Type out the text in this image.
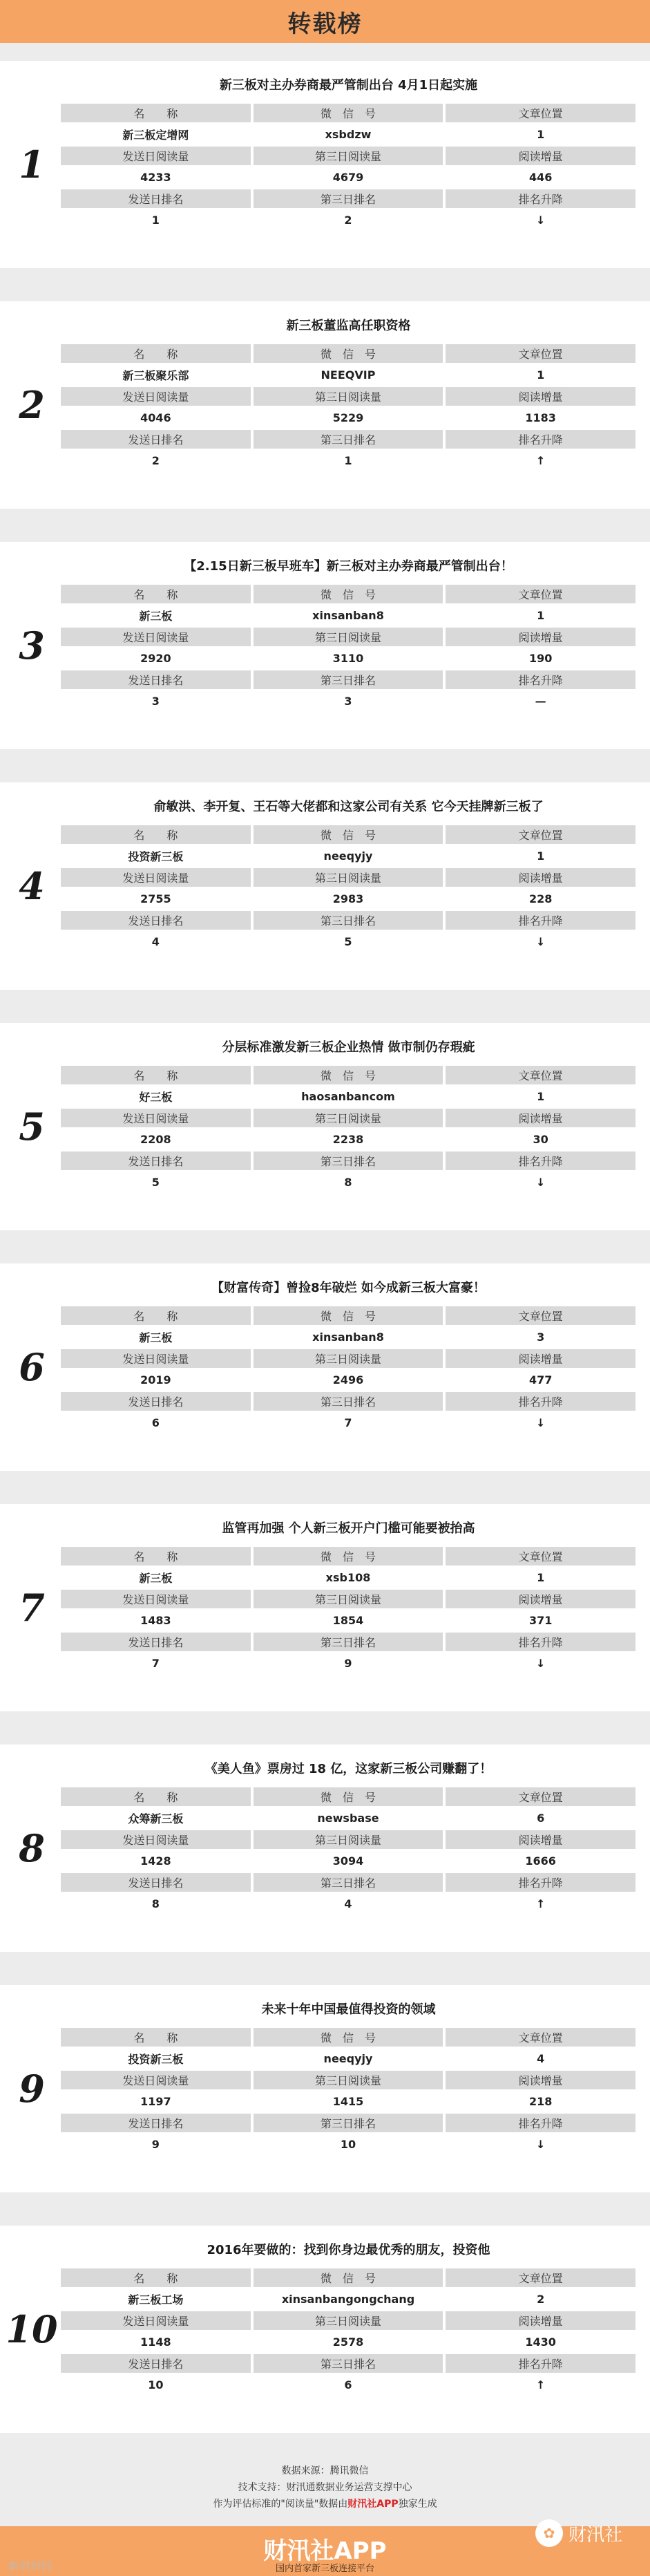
转载榜
1
新三板对主办券商最严管制出台 4月1日起实施
名　　称	微　信　号	文章位置
新三板定增网	xsbdzw	1
发送日阅读量	第三日阅读量	阅读增量
4233	4679	446
发送日排名	第三日排名	排名升降
1	2	↓
2
新三板董监高任职资格
名　　称	微　信　号	文章位置
新三板聚乐部	NEEQVIP	1
发送日阅读量	第三日阅读量	阅读增量
4046	5229	1183
发送日排名	第三日排名	排名升降
2	1	↑
3
【2.15日新三板早班车】新三板对主办券商最严管制出台！
名　　称	微　信　号	文章位置
新三板	xinsanban8	1
发送日阅读量	第三日阅读量	阅读增量
2920	3110	190
发送日排名	第三日排名	排名升降
3	3	—
4
俞敏洪、李开复、王石等大佬都和这家公司有关系 它今天挂牌新三板了
名　　称	微　信　号	文章位置
投资新三板	neeqyjy	1
发送日阅读量	第三日阅读量	阅读增量
2755	2983	228
发送日排名	第三日排名	排名升降
4	5	↓
5
分层标准激发新三板企业热情 做市制仍存瑕疵
名　　称	微　信　号	文章位置
好三板	haosanbancom	1
发送日阅读量	第三日阅读量	阅读增量
2208	2238	30
发送日排名	第三日排名	排名升降
5	8	↓
6
【财富传奇】曾捡8年破烂 如今成新三板大富豪！
名　　称	微　信　号	文章位置
新三板	xinsanban8	3
发送日阅读量	第三日阅读量	阅读增量
2019	2496	477
发送日排名	第三日排名	排名升降
6	7	↓
7
监管再加强 个人新三板开户门槛可能要被抬高
名　　称	微　信　号	文章位置
新三板	xsb108	1
发送日阅读量	第三日阅读量	阅读增量
1483	1854	371
发送日排名	第三日排名	排名升降
7	9	↓
8
《美人鱼》票房过 18 亿，这家新三板公司赚翻了！
名　　称	微　信　号	文章位置
众筹新三板	newsbase	6
发送日阅读量	第三日阅读量	阅读增量
1428	3094	1666
发送日排名	第三日排名	排名升降
8	4	↑
9
未来十年中国最值得投资的领域
名　　称	微　信　号	文章位置
投资新三板	neeqyjy	4
发送日阅读量	第三日阅读量	阅读增量
1197	1415	218
发送日排名	第三日排名	排名升降
9	10	↓
10
2016年要做的：找到你身边最优秀的朋友，投资他
名　　称	微　信　号	文章位置
新三板工场	xinsanbangongchang	2
发送日阅读量	第三日阅读量	阅读增量
1148	2578	1430
发送日排名	第三日排名	排名升降
10	6	↑
数据来源：腾讯微信
技术支持：财汛通数据业务运营支撑中心
作为评估标准的"阅读量"数据由财汛社APP独家生成
财汛社APP
国内首家新三板连接平台
新浪财经
✿ 财汛社
